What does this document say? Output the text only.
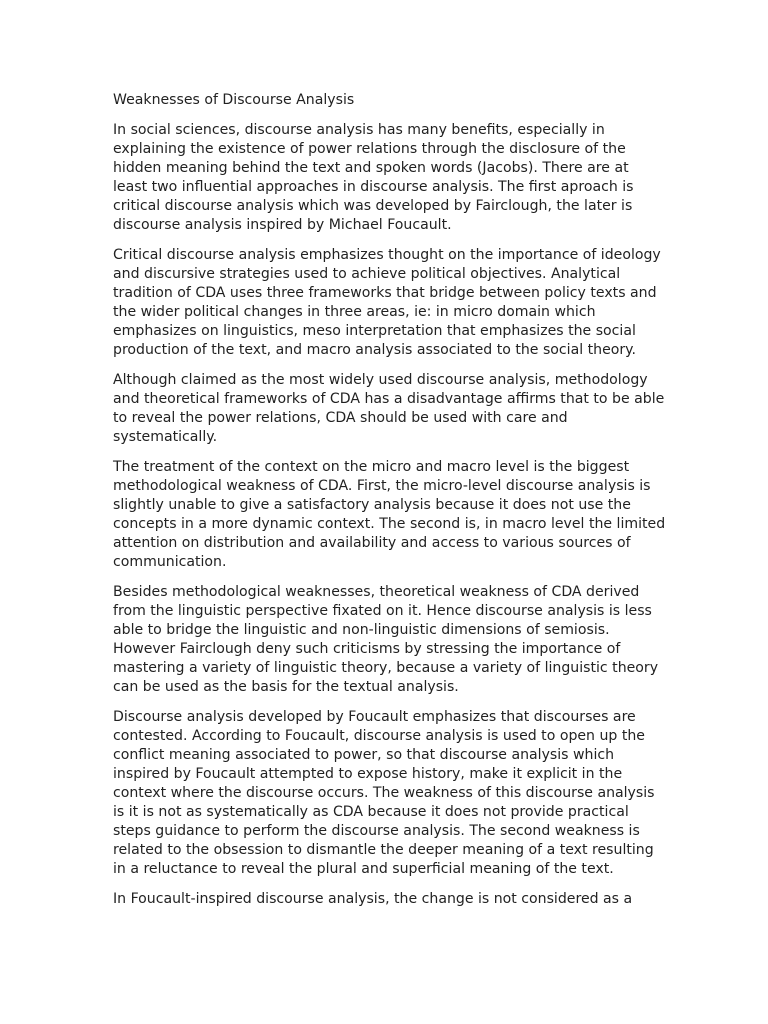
Weaknesses of Discourse Analysis
In social sciences, discourse analysis has many benefits, especially in
explaining the existence of power relations through the disclosure of the
hidden meaning behind the text and spoken words (Jacobs). There are at
least two influential approaches in discourse analysis. The first aproach is
critical discourse analysis which was developed by Fairclough, the later is
discourse analysis inspired by Michael Foucault.
Critical discourse analysis emphasizes thought on the importance of ideology
and discursive strategies used to achieve political objectives. Analytical
tradition of CDA uses three frameworks that bridge between policy texts and
the wider political changes in three areas, ie: in micro domain which
emphasizes on linguistics, meso interpretation that emphasizes the social
production of the text, and macro analysis associated to the social theory.
Although claimed as the most widely used discourse analysis, methodology
and theoretical frameworks of CDA has a disadvantage affirms that to be able
to reveal the power relations, CDA should be used with care and
systematically.
The treatment of the context on the micro and macro level is the biggest
methodological weakness of CDA. First, the micro-level discourse analysis is
slightly unable to give a satisfactory analysis because it does not use the
concepts in a more dynamic context. The second is, in macro level the limited
attention on distribution and availability and access to various sources of
communication.
Besides methodological weaknesses, theoretical weakness of CDA derived
from the linguistic perspective fixated on it. Hence discourse analysis is less
able to bridge the linguistic and non-linguistic dimensions of semiosis.
However Fairclough deny such criticisms by stressing the importance of
mastering a variety of linguistic theory, because a variety of linguistic theory
can be used as the basis for the textual analysis.
Discourse analysis developed by Foucault emphasizes that discourses are
contested. According to Foucault, discourse analysis is used to open up the
conflict meaning associated to power, so that discourse analysis which
inspired by Foucault attempted to expose history, make it explicit in the
context where the discourse occurs. The weakness of this discourse analysis
is it is not as systematically as CDA because it does not provide practical
steps guidance to perform the discourse analysis. The second weakness is
related to the obsession to dismantle the deeper meaning of a text resulting
in a reluctance to reveal the plural and superficial meaning of the text.
In Foucault-inspired discourse analysis, the change is not considered as a
